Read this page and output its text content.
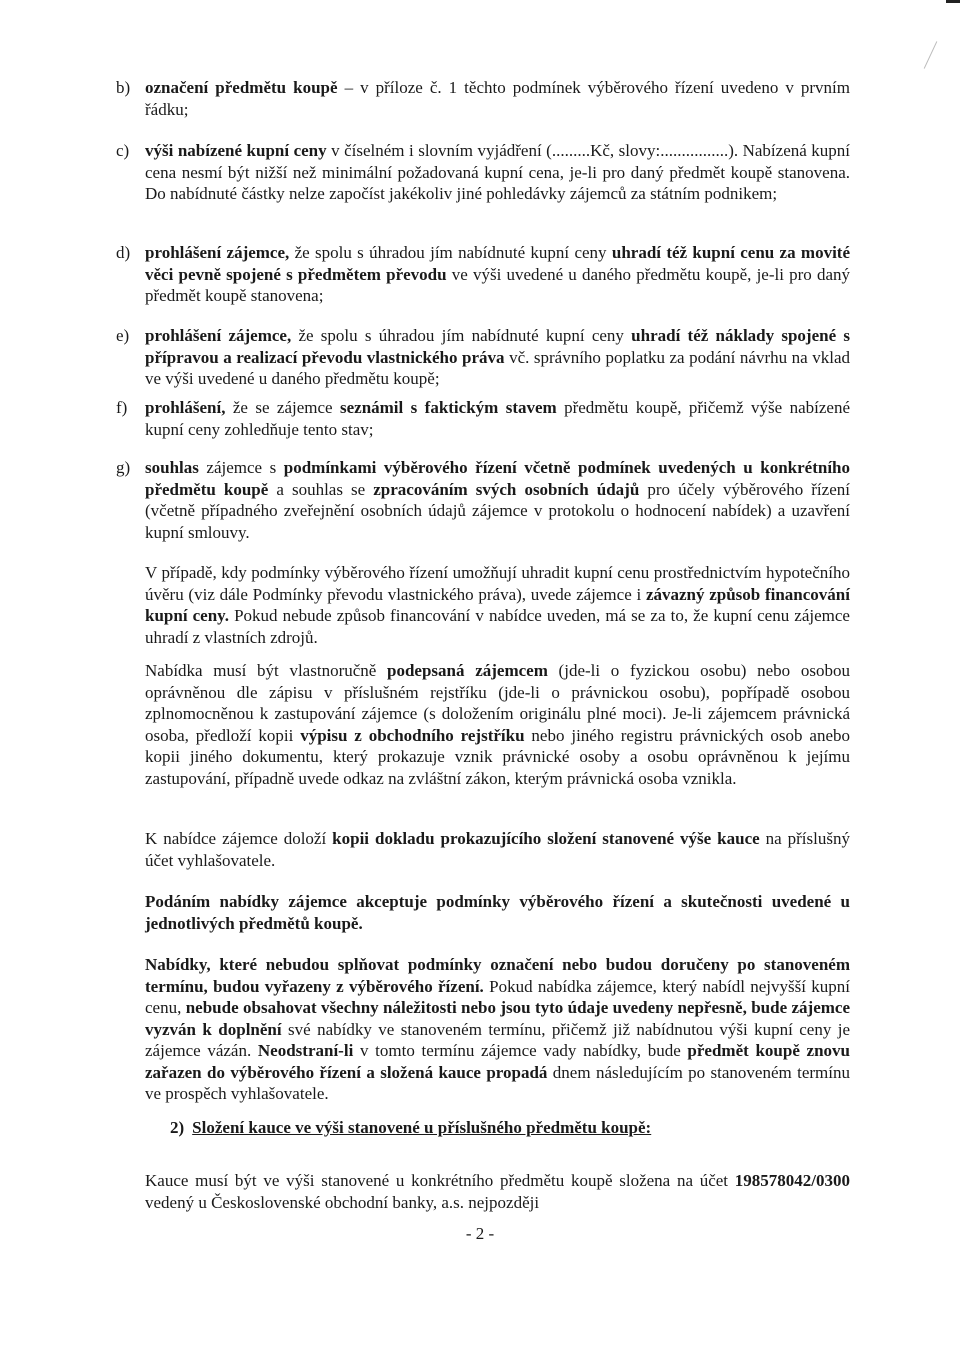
b) označení předmětu koupě – v příloze č. 1 těchto podmínek výběrového řízení uvedeno v prvním řádku;
c) výši nabízené kupní ceny v číselném i slovním vyjádření (.........Kč, slovy:................). Nabízená kupní cena nesmí být nižší než minimální požadovaná kupní cena, je-li pro daný předmět koupě stanovena. Do nabídnuté částky nelze započíst jakékoliv jiné pohledávky zájemců za státním podnikem;
d) prohlášení zájemce, že spolu s úhradou jím nabídnuté kupní ceny uhradí též kupní cenu za movité věci pevně spojené s předmětem převodu ve výši uvedené u daného předmětu koupě, je-li pro daný předmět koupě stanovena;
e) prohlášení zájemce, že spolu s úhradou jím nabídnuté kupní ceny uhradí též náklady spojené s přípravou a realizací převodu vlastnického práva vč. správního poplatku za podání návrhu na vklad ve výši uvedené u daného předmětu koupě;
f) prohlášení, že se zájemce seznámil s faktickým stavem předmětu koupě, přičemž výše nabízené kupní ceny zohledňuje tento stav;
g) souhlas zájemce s podmínkami výběrového řízení včetně podmínek uvedených u konkrétního předmětu koupě a souhlas se zpracováním svých osobních údajů pro účely výběrového řízení (včetně případného zveřejnění osobních údajů zájemce v protokolu o hodnocení nabídek) a uzavření kupní smlouvy.
V případě, kdy podmínky výběrového řízení umožňují uhradit kupní cenu prostřednictvím hypotečního úvěru (viz dále Podmínky převodu vlastnického práva), uvede zájemce i závazný způsob financování kupní ceny. Pokud nebude způsob financování v nabídce uveden, má se za to, že kupní cenu zájemce uhradí z vlastních zdrojů.
Nabídka musí být vlastnoručně podepsaná zájemcem (jde-li o fyzickou osobu) nebo osobou oprávněnou dle zápisu v příslušném rejstříku (jde-li o právnickou osobu), popřípadě osobou zplnomocněnou k zastupování zájemce (s doložením originálu plné moci). Je-li zájemcem právnická osoba, předloží kopii výpisu z obchodního rejstříku nebo jiného registru právnických osob anebo kopii jiného dokumentu, který prokazuje vznik právnické osoby a osobu oprávněnou k jejímu zastupování, případně uvede odkaz na zvláštní zákon, kterým právnická osoba vznikla.
K nabídce zájemce doloží kopii dokladu prokazujícího složení stanovené výše kauce na příslušný účet vyhlašovatele.
Podáním nabídky zájemce akceptuje podmínky výběrového řízení a skutečnosti uvedené u jednotlivých předmětů koupě.
Nabídky, které nebudou splňovat podmínky označení nebo budou doručeny po stanoveném termínu, budou vyřazeny z výběrového řízení. Pokud nabídka zájemce, který nabídl nejvyšší kupní cenu, nebude obsahovat všechny náležitosti nebo jsou tyto údaje uvedeny nepřesně, bude zájemce vyzván k doplnění své nabídky ve stanoveném termínu, přičemž již nabídnutou výši kupní ceny je zájemce vázán. Neodstraní-li v tomto termínu zájemce vady nabídky, bude předmět koupě znovu zařazen do výběrového řízení a složená kauce propadá dnem následujícím po stanoveném termínu ve prospěch vyhlašovatele.
2) Složení kauce ve výši stanovené u příslušného předmětu koupě:
Kauce musí být ve výši stanovené u konkrétního předmětu koupě složena na účet 198578042/0300 vedený u Československé obchodní banky, a.s. nejpozději
- 2 -
